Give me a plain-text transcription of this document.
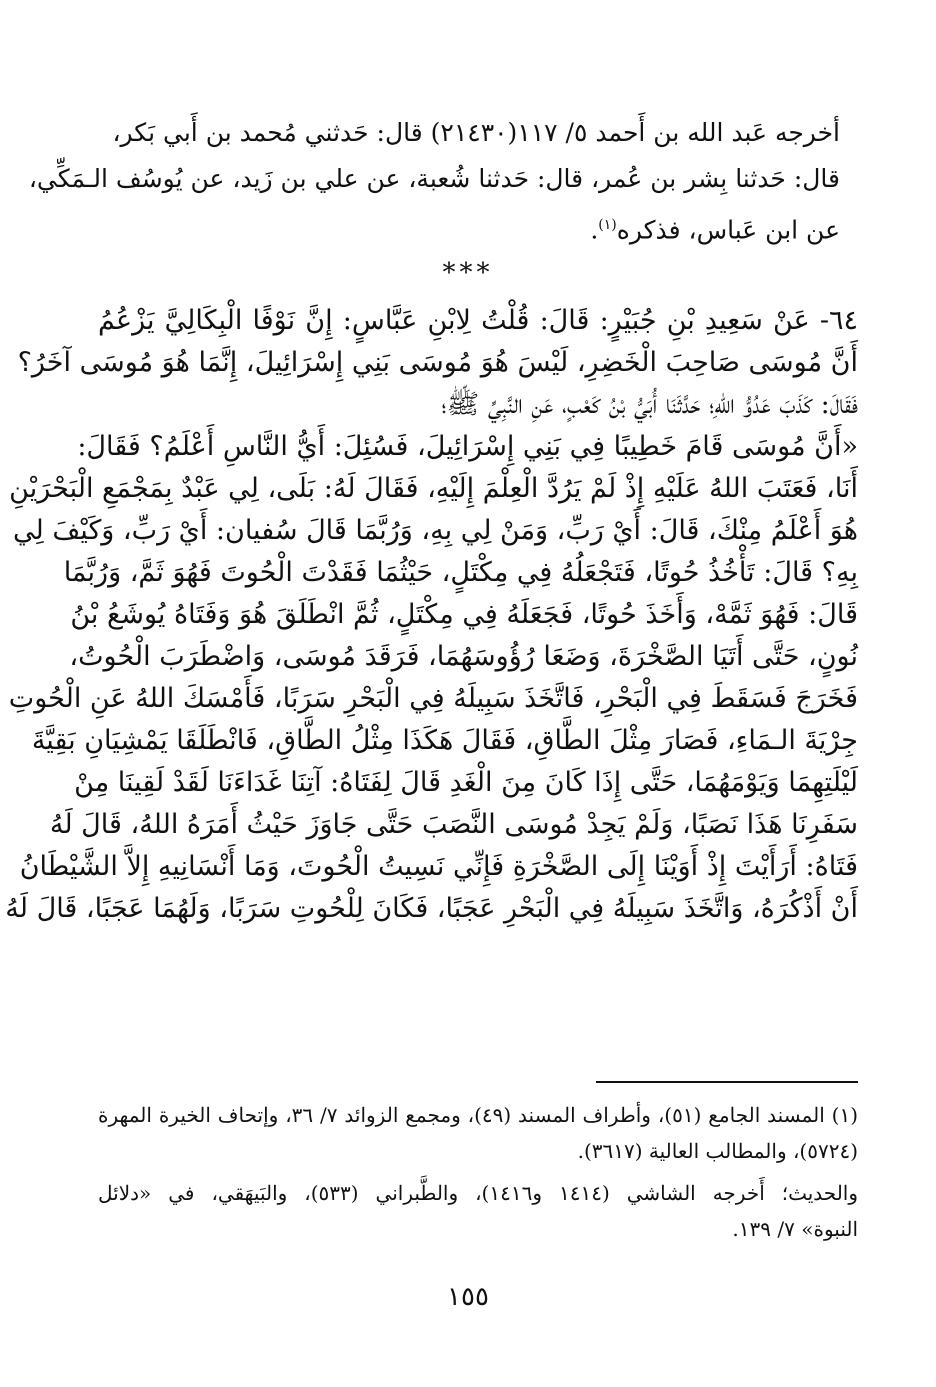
أخرجه عَبد الله بن أَحمد ٥/ ١١٧(٢١٤٣٠) قال: حَدثني مُحمد بن أَبي بَكر،
قال: حَدثنا بِشر بن عُمر، قال: حَدثنا شُعبة، عن علي بن زَيد، عن يُوسُف الـمَكِّي،
عن ابن عَباس، فذكره$^{(١)}$.
***
٦٤- عَنْ سَعِيدِ بْنِ جُبَيْرٍ: قَالَ: قُلْتُ لِابْنِ عَبَّاسٍ: إِنَّ نَوْفًا الْبِكَالِيَّ يَزْعُمُ
أَنَّ مُوسَى صَاحِبَ الْخَضِرِ، لَيْسَ هُوَ مُوسَى بَنِي إِسْرَائِيلَ، إِنَّمَا هُوَ مُوسَى آخَرُ؟
فَقَالَ: كَذَبَ عَدُوُّ اللهِ؛ حَدَّثَنَا أُبَيُّ بْنُ كَعْبٍ، عَنِ النَّبِيِّ ﷺ؛
«أَنَّ مُوسَى قَامَ خَطِيبًا فِي بَنِي إِسْرَائِيلَ، فَسُئِلَ: أَيُّ النَّاسِ أَعْلَمُ؟ فَقَالَ:
أَنَا، فَعَتَبَ اللهُ عَلَيْهِ إِذْ لَمْ يَرُدَّ الْعِلْمَ إِلَيْهِ، فَقَالَ لَهُ: بَلَى، لِي عَبْدٌ بِمَجْمَعِ الْبَحْرَيْنِ
هُوَ أَعْلَمُ مِنْكَ، قَالَ: أَيْ رَبِّ، وَمَنْ لِي بِهِ، وَرُبَّمَا قَالَ سُفيان: أَيْ رَبِّ، وَكَيْفَ لِي
بِهِ؟ قَالَ: تَأْخُذُ حُوتًا، فَتَجْعَلُهُ فِي مِكْتَلٍ، حَيْثُمَا فَقَدْتَ الْحُوتَ فَهُوَ ثَمَّ، وَرُبَّمَا
قَالَ: فَهُوَ ثَمَّهْ، وَأَخَذَ حُوتًا، فَجَعَلَهُ فِي مِكْتَلٍ، ثُمَّ انْطَلَقَ هُوَ وَفَتَاهُ يُوشَعُ بْنُ
نُونٍ، حَتَّى أَتَيَا الصَّخْرَةَ، وَضَعَا رُؤُوسَهُمَا، فَرَقَدَ مُوسَى، وَاضْطَرَبَ الْحُوتُ،
فَخَرَجَ فَسَقَطَ فِي الْبَحْرِ، فَاتَّخَذَ سَبِيلَهُ فِي الْبَحْرِ سَرَبًا، فَأَمْسَكَ اللهُ عَنِ الْحُوتِ
جِرْيَةَ الـمَاءِ، فَصَارَ مِثْلَ الطَّاقِ، فَقَالَ هَكَذَا مِثْلُ الطَّاقِ، فَانْطَلَقَا يَمْشِيَانِ بَقِيَّةَ
لَيْلَتِهِمَا وَيَوْمَهُمَا، حَتَّى إِذَا كَانَ مِنَ الْغَدِ قَالَ لِفَتَاهُ: آتِنَا غَدَاءَنَا لَقَدْ لَقِينَا مِنْ
سَفَرِنَا هَذَا نَصَبًا، وَلَمْ يَجِدْ مُوسَى النَّصَبَ حَتَّى جَاوَزَ حَيْثُ أَمَرَهُ اللهُ، قَالَ لَهُ
فَتَاهُ: أَرَأَيْتَ إِذْ أَوَيْنَا إِلَى الصَّخْرَةِ فَإِنِّي نَسِيتُ الْحُوتَ، وَمَا أَنْسَانِيهِ إِلاَّ الشَّيْطَانُ
أَنْ أَذْكُرَهُ، وَاتَّخَذَ سَبِيلَهُ فِي الْبَحْرِ عَجَبًا، فَكَانَ لِلْحُوتِ سَرَبًا، وَلَهُمَا عَجَبًا، قَالَ لَهُ
(١) المسند الجامع (٥١)، وأطراف المسند (٤٩)، ومجمع الزوائد ٧/ ٣٦، وإتحاف الخيرة المهرة
(٥٧٢٤)، والمطالب العالية (٣٦١٧).
والحديث؛ أَخرجه الشاشي (١٤١٤ و١٤١٦)، والطَّبراني (٥٣٣)، والبَيهَقي، في «دلائل
النبوة» ٧/ ١٣٩.
١٥٥
